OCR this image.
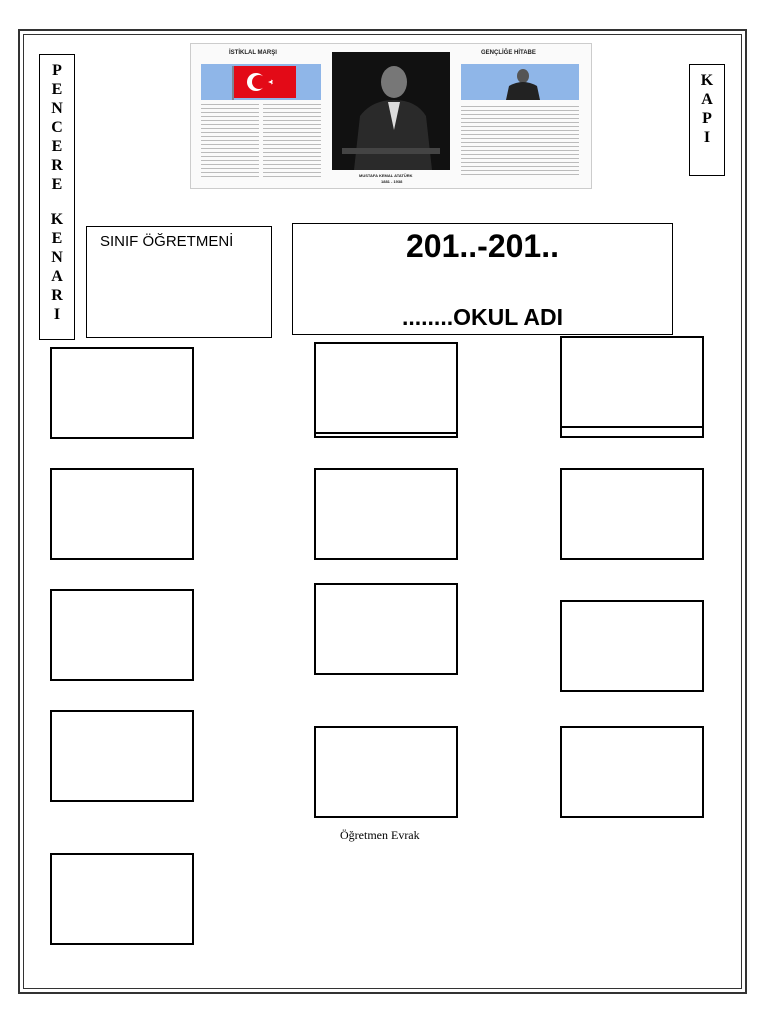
P
E
N
C
E
R
E
K
E
N
A
R
I
K
A
P
I
İSTİKLAL MARŞI
MUSTAFA KEMAL ATATÜRK
1881 - 1938
GENÇLİĞE HİTABE
SINIF ÖĞRETMENİ	201..-201..
........OKUL ADI
Öğretmen Evrak
